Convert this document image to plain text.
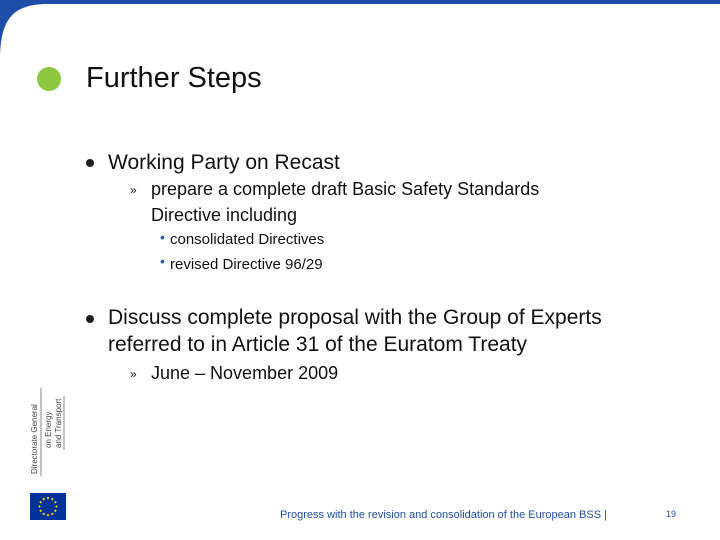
Further Steps
Working Party on Recast
» prepare a complete draft Basic Safety Standards
Directive including
• consolidated Directives
• revised Directive 96/29
Discuss complete proposal with the Group of Experts
referred to in Article 31 of the Euratom Treaty
» June – November 2009
Directorate General on Energy and Transport
Progress with the revision and consolidation of the European BSS |	19
